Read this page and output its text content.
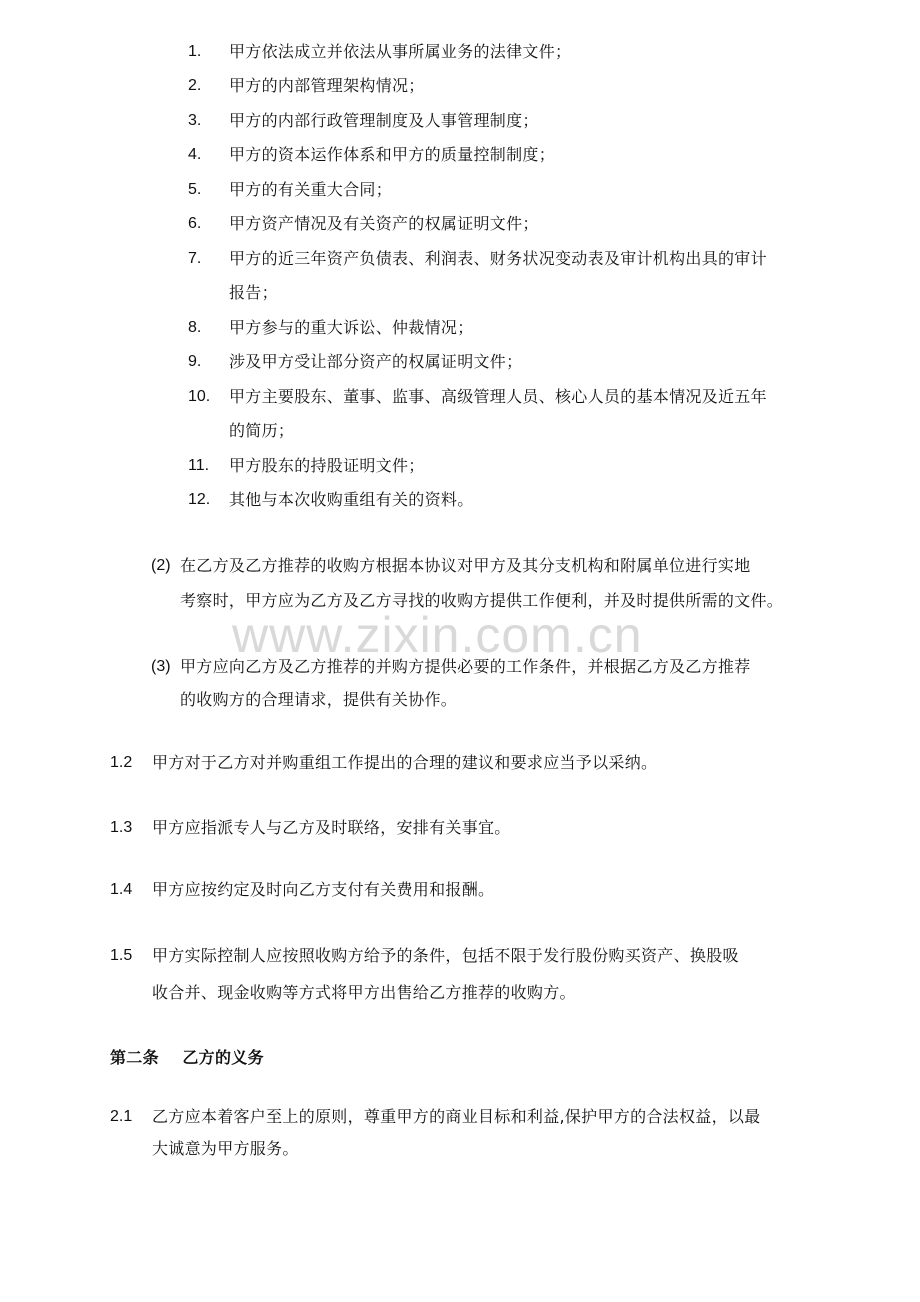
www.zixin.com.cn
1. 甲方依法成立并依法从事所属业务的法律文件；
2. 甲方的内部管理架构情况；
3. 甲方的内部行政管理制度及人事管理制度；
4. 甲方的资本运作体系和甲方的质量控制制度；
5. 甲方的有关重大合同；
6. 甲方资产情况及有关资产的权属证明文件；
7. 甲方的近三年资产负债表、利润表、财务状况变动表及审计机构出具的审计
报告；
8. 甲方参与的重大诉讼、仲裁情况；
9. 涉及甲方受让部分资产的权属证明文件；
10. 甲方主要股东、董事、监事、高级管理人员、核心人员的基本情况及近五年
的简历；
11. 甲方股东的持股证明文件；
12. 其他与本次收购重组有关的资料。
(2) 在乙方及乙方推荐的收购方根据本协议对甲方及其分支机构和附属单位进行实地
考察时，甲方应为乙方及乙方寻找的收购方提供工作便利，并及时提供所需的文件。
(3) 甲方应向乙方及乙方推荐的并购方提供必要的工作条件，并根据乙方及乙方推荐
的收购方的合理请求，提供有关协作。
1.2 甲方对于乙方对并购重组工作提出的合理的建议和要求应当予以采纳。
1.3 甲方应指派专人与乙方及时联络，安排有关事宜。
1.4 甲方应按约定及时向乙方支付有关费用和报酬。
1.5 甲方实际控制人应按照收购方给予的条件，包括不限于发行股份购买资产、换股吸
收合并、现金收购等方式将甲方出售给乙方推荐的收购方。
第二条    乙方的义务
2.1 乙方应本着客户至上的原则，尊重甲方的商业目标和利益,保护甲方的合法权益，以最
大诚意为甲方服务。
